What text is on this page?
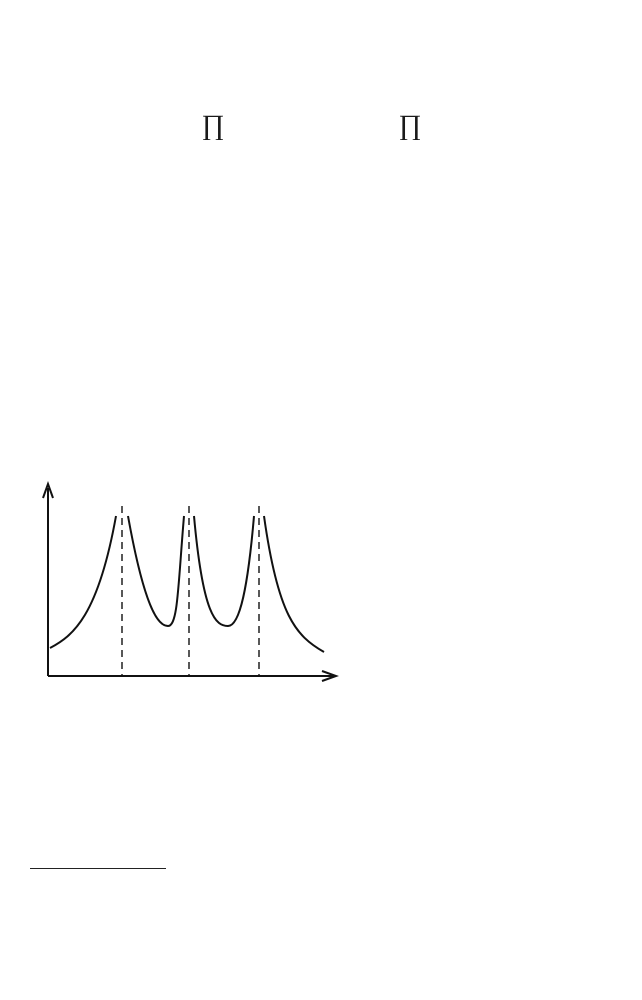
∏	∏
